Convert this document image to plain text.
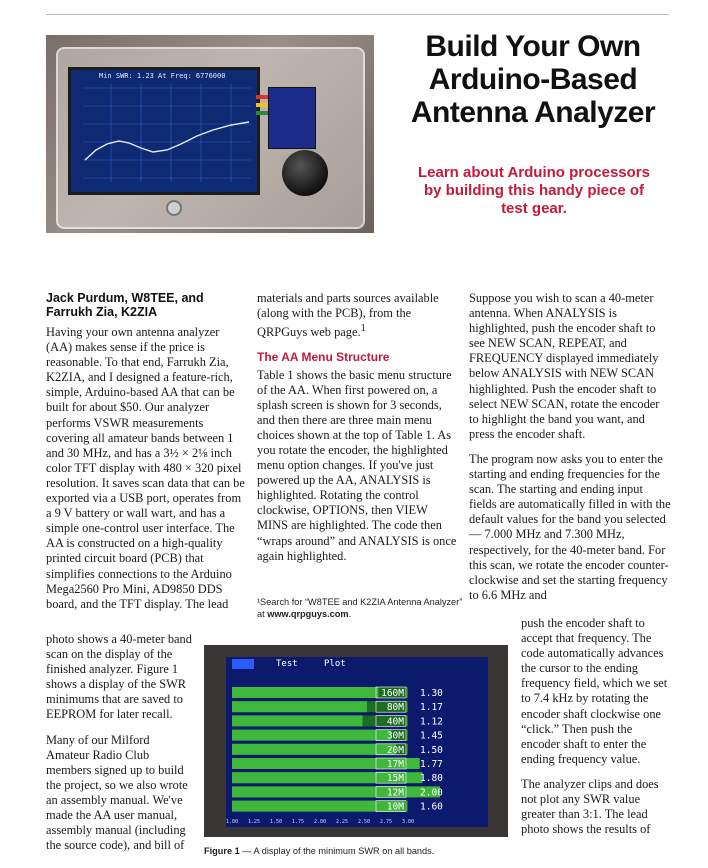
Min SWR: 1.23 At Freq: 6776000
Build Your Own
Arduino-Based
Antenna Analyzer
Learn about Arduino processors by building this handy piece of test gear.
Jack Purdum, W8TEE, and
Farrukh Zia, K2ZIA

Having your own antenna analyzer (AA) makes sense if the price is reasonable. To that end, Farrukh Zia, K2ZIA, and I designed a feature-rich, simple, Arduino-based AA that can be built for about $50. Our analyzer performs VSWR measurements covering all amateur bands between 1 and 30 MHz, and has a 3½ × 2⅛ inch color TFT display with 480 × 320 pixel resolution. It saves scan data that can be exported via a USB port, operates from a 9 V battery or wall wart, and has a simple one-control user interface. The AA is constructed on a high-quality printed circuit board (PCB) that simplifies connections to the Arduino Mega2560 Pro Mini, AD9850 DDS board, and the TFT display. The lead

photo shows a 40-meter band scan on the display of the finished analyzer. Figure 1 shows a display of the SWR minimums that are saved to EEPROM for later recall.

Many of our Milford Amateur Radio Club members signed up to build the project, so we also wrote an assembly manual. We've made the AA user manual, assembly manual (including the source code), and bill of

materials and parts sources available (along with the PCB), from the QRPGuys web page.$^1$

The AA Menu Structure

Table 1 shows the basic menu structure of the AA. When first powered on, a splash screen is shown for 3 seconds, and then there are three main menu choices shown at the top of Table 1. As you rotate the encoder, the highlighted menu option changes. If you've just powered up the AA, ANALYSIS is highlighted. Rotating the control clockwise, OPTIONS, then VIEW MINS are highlighted. The code then “wraps around” and ANALYSIS is once again highlighted.

¹Search for “W8TEE and K2ZIA Antenna Analyzer” at www.qrpguys.com.

Suppose you wish to scan a 40-meter antenna. When ANALYSIS is highlighted, push the encoder shaft to see NEW SCAN, REPEAT, and FREQUENCY displayed immediately below ANALYSIS with NEW SCAN highlighted. Push the encoder shaft to select NEW SCAN, rotate the encoder to highlight the band you want, and press the encoder shaft.

The program now asks you to enter the starting and ending frequencies for the scan. The starting and ending input fields are automatically filled in with the default values for the band you selected — 7.000 MHz and 7.300 MHz, respectively, for the 40-meter band. For this scan, we rotate the encoder counter-clockwise and set the starting frequency to 6.6 MHz and

push the encoder shaft to accept that frequency. The code automatically advances the cursor to the ending frequency field, which we set to 7.4 kHz by rotating the encoder shaft clockwise one “click.” Then push the encoder shaft to enter the ending frequency value.

The analyzer clips and does not plot any SWR value greater than 3:1. The lead photo shows the results of

Test	Plot
160M 1.30
80M 1.17
40M 1.12
30M 1.45
20M 1.50
17M 1.77
15M 1.80
12M 2.00
10M 1.60
1.00 1.25 1.50 1.75 2.00 2.25 2.50 2.75 3.00
Figure 1 — A display of the minimum SWR on all bands.
